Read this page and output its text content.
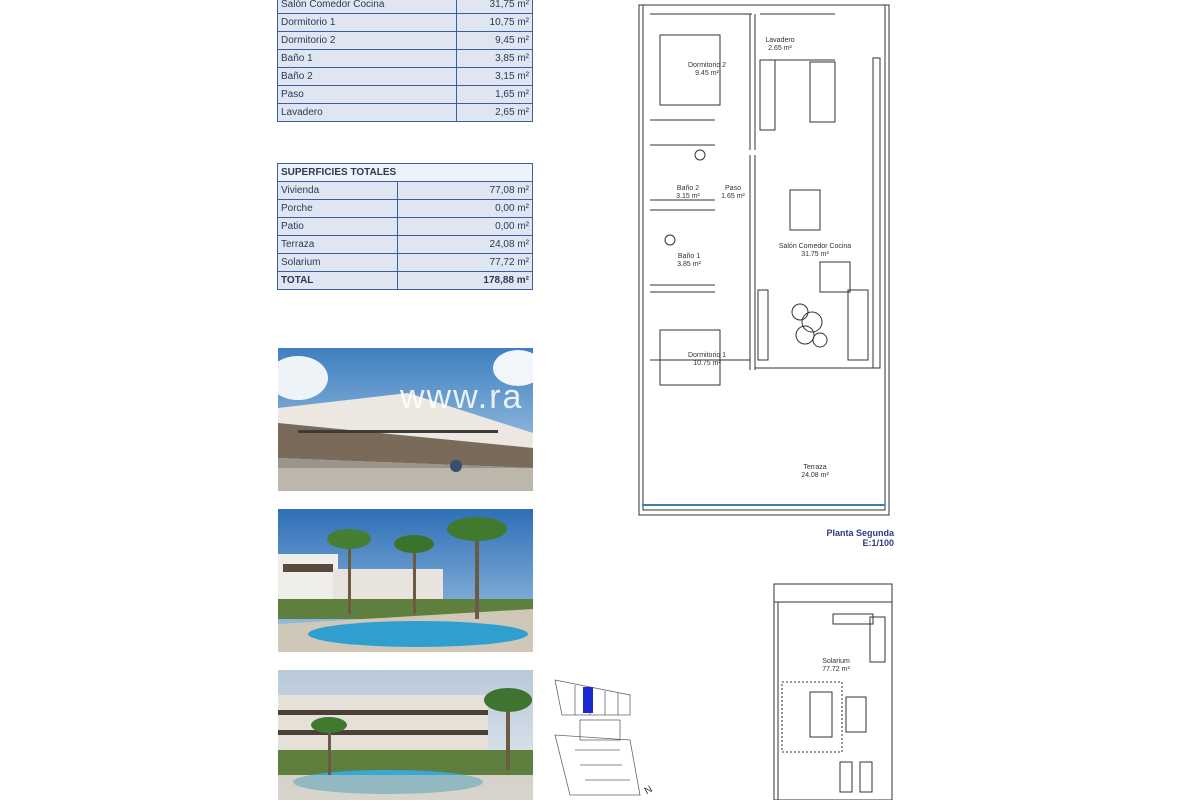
Salón Comedor Cocina	31,75 m²
Dormitorio 1	10,75 m²
Dormitorio 2	9,45 m²
Baño 1	3,85 m²
Baño 2	3,15 m²
Paso	1,65 m²
Lavadero	2,65 m²
SUPERFICIES TOTALES	
Vivienda	77,08 m²
Porche	0,00 m²
Patio	0,00 m²
Terraza	24,08 m²
Solarium	77,72 m²
TOTAL	178,88 m²
www.ra
Lavadero
2.65 m²
Dormitorio 2
9.45 m²
Baño 2
3.15 m²
Paso
1.65 m²
Salón Comedor Cocina
31.75 m²
Baño 1
3.85 m²
Dormitorio 1
10.75 m²
Terraza
24.08 m²
Planta Segunda
E:1/100
Solarium
77.72 m²
N
